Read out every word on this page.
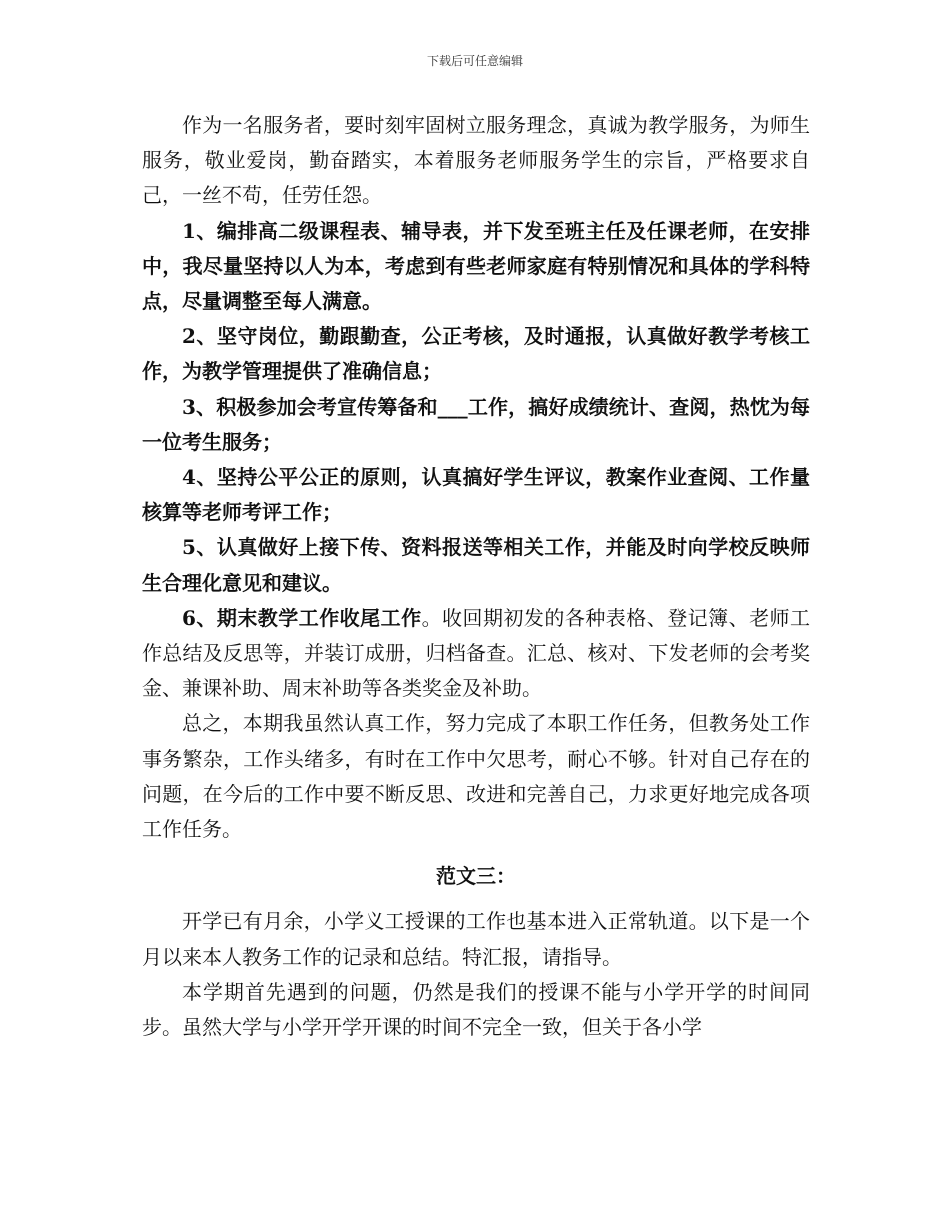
下载后可任意编辑

作为一名服务者，要时刻牢固树立服务理念，真诚为教学服务，为师生服务，敬业爱岗，勤奋踏实，本着服务老师服务学生的宗旨，严格要求自己，一丝不苟，任劳任怨。

1、编排高二级课程表、辅导表，并下发至班主任及任课老师，在安排中，我尽量坚持以人为本，考虑到有些老师家庭有特别情况和具体的学科特点，尽量调整至每人满意。

2、坚守岗位，勤跟勤查，公正考核，及时通报，认真做好教学考核工作，为教学管理提供了准确信息；

3、积极参加会考宣传筹备和___工作，搞好成绩统计、查阅，热忱为每一位考生服务；

4、坚持公平公正的原则，认真搞好学生评议，教案作业查阅、工作量核算等老师考评工作；

5、认真做好上接下传、资料报送等相关工作，并能及时向学校反映师生合理化意见和建议。

6、期末教学工作收尾工作。收回期初发的各种表格、登记簿、老师工作总结及反思等，并装订成册，归档备查。汇总、核对、下发老师的会考奖金、兼课补助、周末补助等各类奖金及补助。

总之，本期我虽然认真工作，努力完成了本职工作任务，但教务处工作事务繁杂，工作头绪多，有时在工作中欠思考，耐心不够。针对自己存在的问题，在今后的工作中要不断反思、改进和完善自己，力求更好地完成各项工作任务。

范文三：

开学已有月余，小学义工授课的工作也基本进入正常轨道。以下是一个月以来本人教务工作的记录和总结。特汇报，请指导。

本学期首先遇到的问题，仍然是我们的授课不能与小学开学的时间同步。虽然大学与小学开学开课的时间不完全一致，但关于各小学
